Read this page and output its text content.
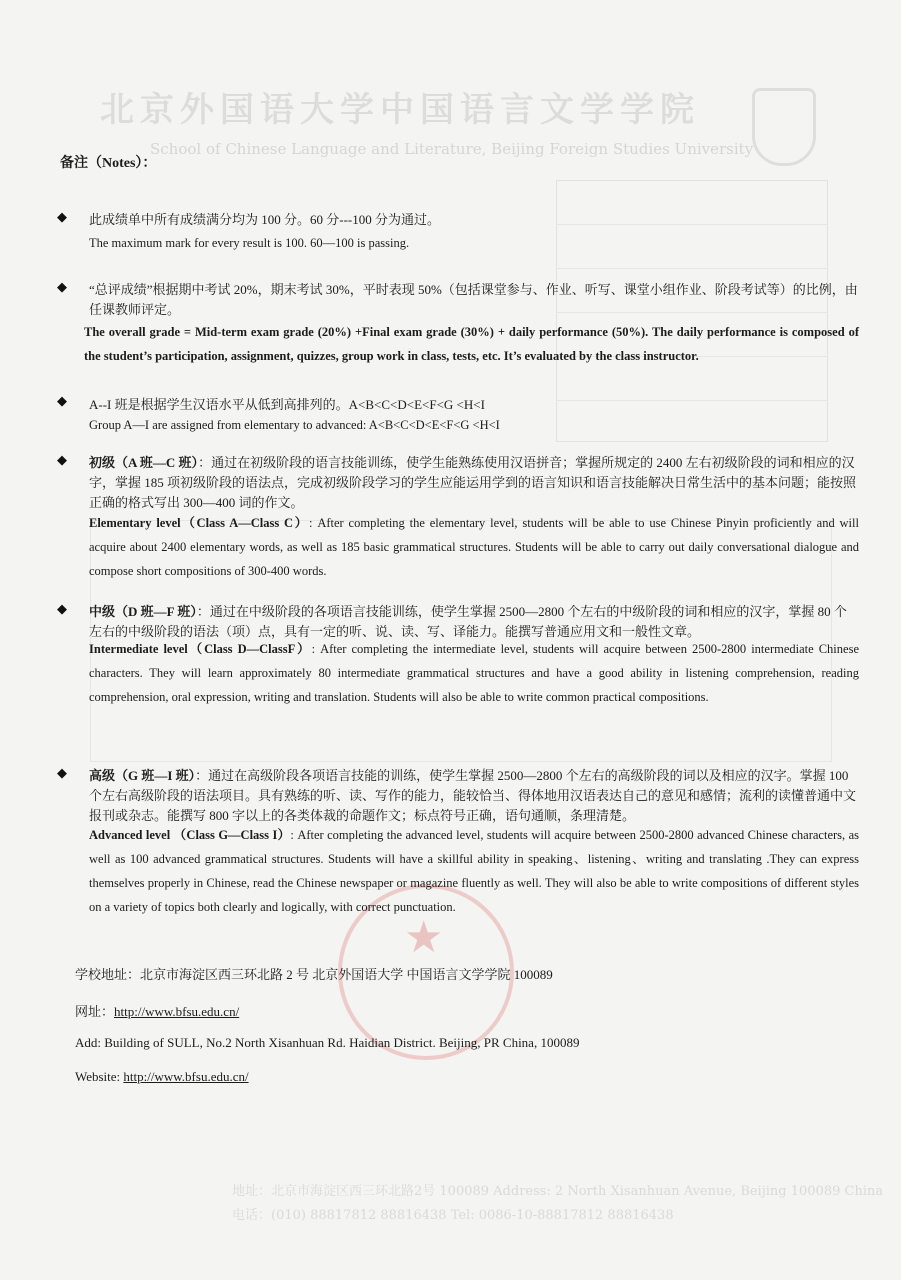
北京外国语大学中国语言文学学院
School of Chinese Language and Literature, Beijing Foreign Studies University
地址：北京市海淀区西三环北路2号 100089 Address: 2 North Xisanhuan Avenue, Beijing 100089 China
电话：(010) 88817812 88816438 Tel: 0086-10-88817812 88816438
★
备注（Notes）：
◆ 此成绩单中所有成绩满分均为 100 分。60 分---100 分为通过。
The maximum mark for every result is 100. 60—100 is passing.
◆ “总评成绩”根据期中考试 20%，期末考试 30%，平时表现 50%（包括课堂参与、作业、听写、课堂小组作业、阶段考试等）的比例，由任课教师评定。
The overall grade = Mid-term exam grade (20%) +Final exam grade (30%) + daily performance (50%). The daily performance is composed of the student’s participation, assignment, quizzes, group work in class, tests, etc. It’s evaluated by the class instructor.
◆ A--I 班是根据学生汉语水平从低到高排列的。A<B<C<D<E<F<G <H<I
Group A—I are assigned from elementary to advanced: A<B<C<D<E<F<G <H<I
◆ 初级（A 班—C 班）：通过在初级阶段的语言技能训练，使学生能熟练使用汉语拼音；掌握所规定的 2400 左右初级阶段的词和相应的汉字，掌握 185 项初级阶段的语法点，完成初级阶段学习的学生应能运用学到的语言知识和语言技能解决日常生活中的基本问题；能按照正确的格式写出 300—400 词的作文。
Elementary level（Class A—Class C）: After completing the elementary level, students will be able to use Chinese Pinyin proficiently and will acquire about 2400 elementary words, as well as 185 basic grammatical structures. Students will be able to carry out daily conversational dialogue and compose short compositions of 300-400 words.
◆ 中级（D 班—F 班）：通过在中级阶段的各项语言技能训练，使学生掌握 2500—2800 个左右的中级阶段的词和相应的汉字，掌握 80 个左右的中级阶段的语法（项）点，具有一定的听、说、读、写、译能力。能撰写普通应用文和一般性文章。
Intermediate level（Class D—ClassF）: After completing the intermediate level, students will acquire between 2500-2800 intermediate Chinese characters. They will learn approximately 80 intermediate grammatical structures and have a good ability in listening comprehension, reading comprehension, oral expression, writing and translation. Students will also be able to write common practical compositions.
◆ 高级（G 班—I 班）：通过在高级阶段各项语言技能的训练，使学生掌握 2500—2800 个左右的高级阶段的词以及相应的汉字。掌握 100 个左右高级阶段的语法项目。具有熟练的听、读、写作的能力，能较恰当、得体地用汉语表达自己的意见和感情；流利的读懂普通中文报刊或杂志。能撰写 800 字以上的各类体裁的命题作文；标点符号正确，语句通顺，条理清楚。
Advanced level （Class G—Class I）: After completing the advanced level, students will acquire between 2500-2800 advanced Chinese characters, as well as 100 advanced grammatical structures. Students will have a skillful ability in speaking、listening、writing and translating .They can express themselves properly in Chinese, read the Chinese newspaper or magazine fluently as well. They will also be able to write compositions of different styles on a variety of topics both clearly and logically, with correct punctuation.
学校地址：北京市海淀区西三环北路 2 号 北京外国语大学 中国语言文学学院 100089
网址：http://www.bfsu.edu.cn/
Add: Building of SULL, No.2 North Xisanhuan Rd. Haidian District. Beijing, PR China, 100089
Website: http://www.bfsu.edu.cn/
